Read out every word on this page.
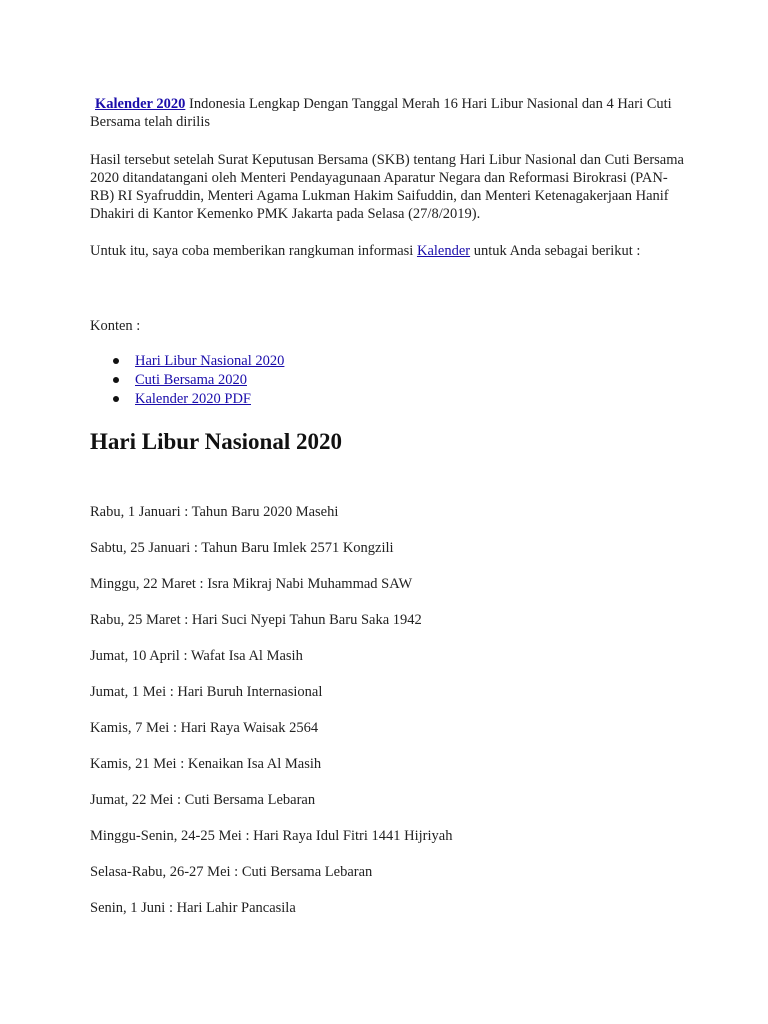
Kalender 2020 Indonesia Lengkap Dengan Tanggal Merah 16 Hari Libur Nasional dan 4 Hari Cuti Bersama telah dirilis

Hasil tersebut setelah Surat Keputusan Bersama (SKB) tentang Hari Libur Nasional dan Cuti Bersama 2020 ditandatangani oleh Menteri Pendayagunaan Aparatur Negara dan Reformasi Birokrasi (PAN-RB) RI Syafruddin, Menteri Agama Lukman Hakim Saifuddin, dan Menteri Ketenagakerjaan Hanif Dhakiri di Kantor Kemenko PMK Jakarta pada Selasa (27/8/2019).

Untuk itu, saya coba memberikan rangkuman informasi Kalender untuk Anda sebagai berikut :

Konten :

Hari Libur Nasional 2020
Cuti Bersama 2020
Kalender 2020 PDF
Hari Libur Nasional 2020

Rabu, 1 Januari : Tahun Baru 2020 Masehi

Sabtu, 25 Januari : Tahun Baru Imlek 2571 Kongzili

Minggu, 22 Maret : Isra Mikraj Nabi Muhammad SAW

Rabu, 25 Maret : Hari Suci Nyepi Tahun Baru Saka 1942

Jumat, 10 April : Wafat Isa Al Masih

Jumat, 1 Mei : Hari Buruh Internasional

Kamis, 7 Mei : Hari Raya Waisak 2564

Kamis, 21 Mei : Kenaikan Isa Al Masih

Jumat, 22 Mei : Cuti Bersama Lebaran

Minggu-Senin, 24-25 Mei : Hari Raya Idul Fitri 1441 Hijriyah

Selasa-Rabu, 26-27 Mei : Cuti Bersama Lebaran

Senin, 1 Juni : Hari Lahir Pancasila
